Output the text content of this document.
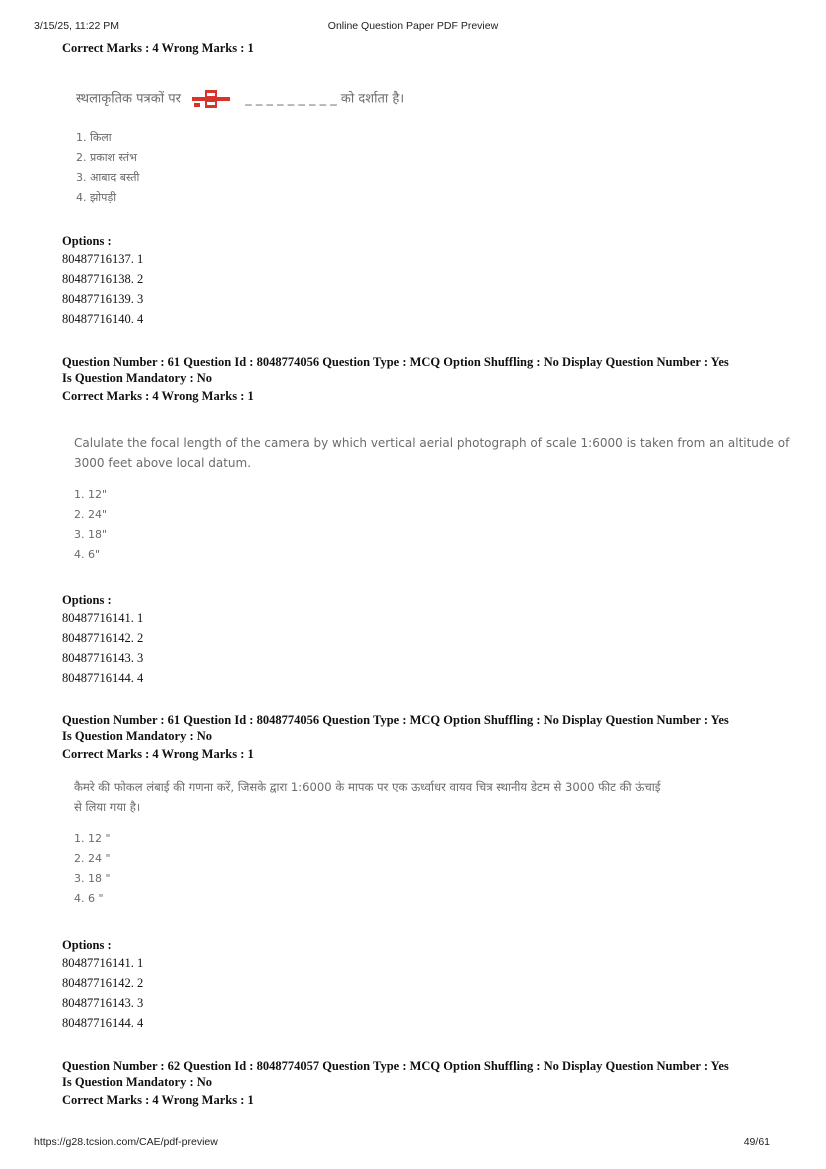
3/15/25, 11:22 PM	Online Question Paper PDF Preview
Correct Marks : 4 Wrong Marks : 1
स्थलाकृतिक पत्रकों पर	_ _ _ _ _ _ _ _ _ को दर्शाता है।
1. किला
2. प्रकाश स्तंभ
3. आबाद बस्ती
4. झोपड़ी
Options :
80487716137. 1
80487716138. 2
80487716139. 3
80487716140. 4
Question Number : 61 Question Id : 8048774056 Question Type : MCQ Option Shuffling : No Display Question Number : Yes
Is Question Mandatory : No
Correct Marks : 4 Wrong Marks : 1
Calulate the focal length of the camera by which vertical aerial photograph of scale 1:6000 is taken from an altitude of
3000 feet above local datum.
1. 12"
2. 24"
3. 18"
4. 6"
Options :
80487716141. 1
80487716142. 2
80487716143. 3
80487716144. 4
Question Number : 61 Question Id : 8048774056 Question Type : MCQ Option Shuffling : No Display Question Number : Yes
Is Question Mandatory : No
Correct Marks : 4 Wrong Marks : 1
कैमरे की फोकल लंबाई की गणना करें, जिसके द्वारा 1:6000 के मापक पर एक ऊर्ध्वाधर वायव चित्र स्थानीय डेटम से 3000 फीट की ऊंचाई
से लिया गया है।
1. 12 "
2. 24 "
3. 18 "
4. 6 "
Options :
80487716141. 1
80487716142. 2
80487716143. 3
80487716144. 4
Question Number : 62 Question Id : 8048774057 Question Type : MCQ Option Shuffling : No Display Question Number : Yes
Is Question Mandatory : No
Correct Marks : 4 Wrong Marks : 1
https://g28.tcsion.com/CAE/pdf-preview	49/61
